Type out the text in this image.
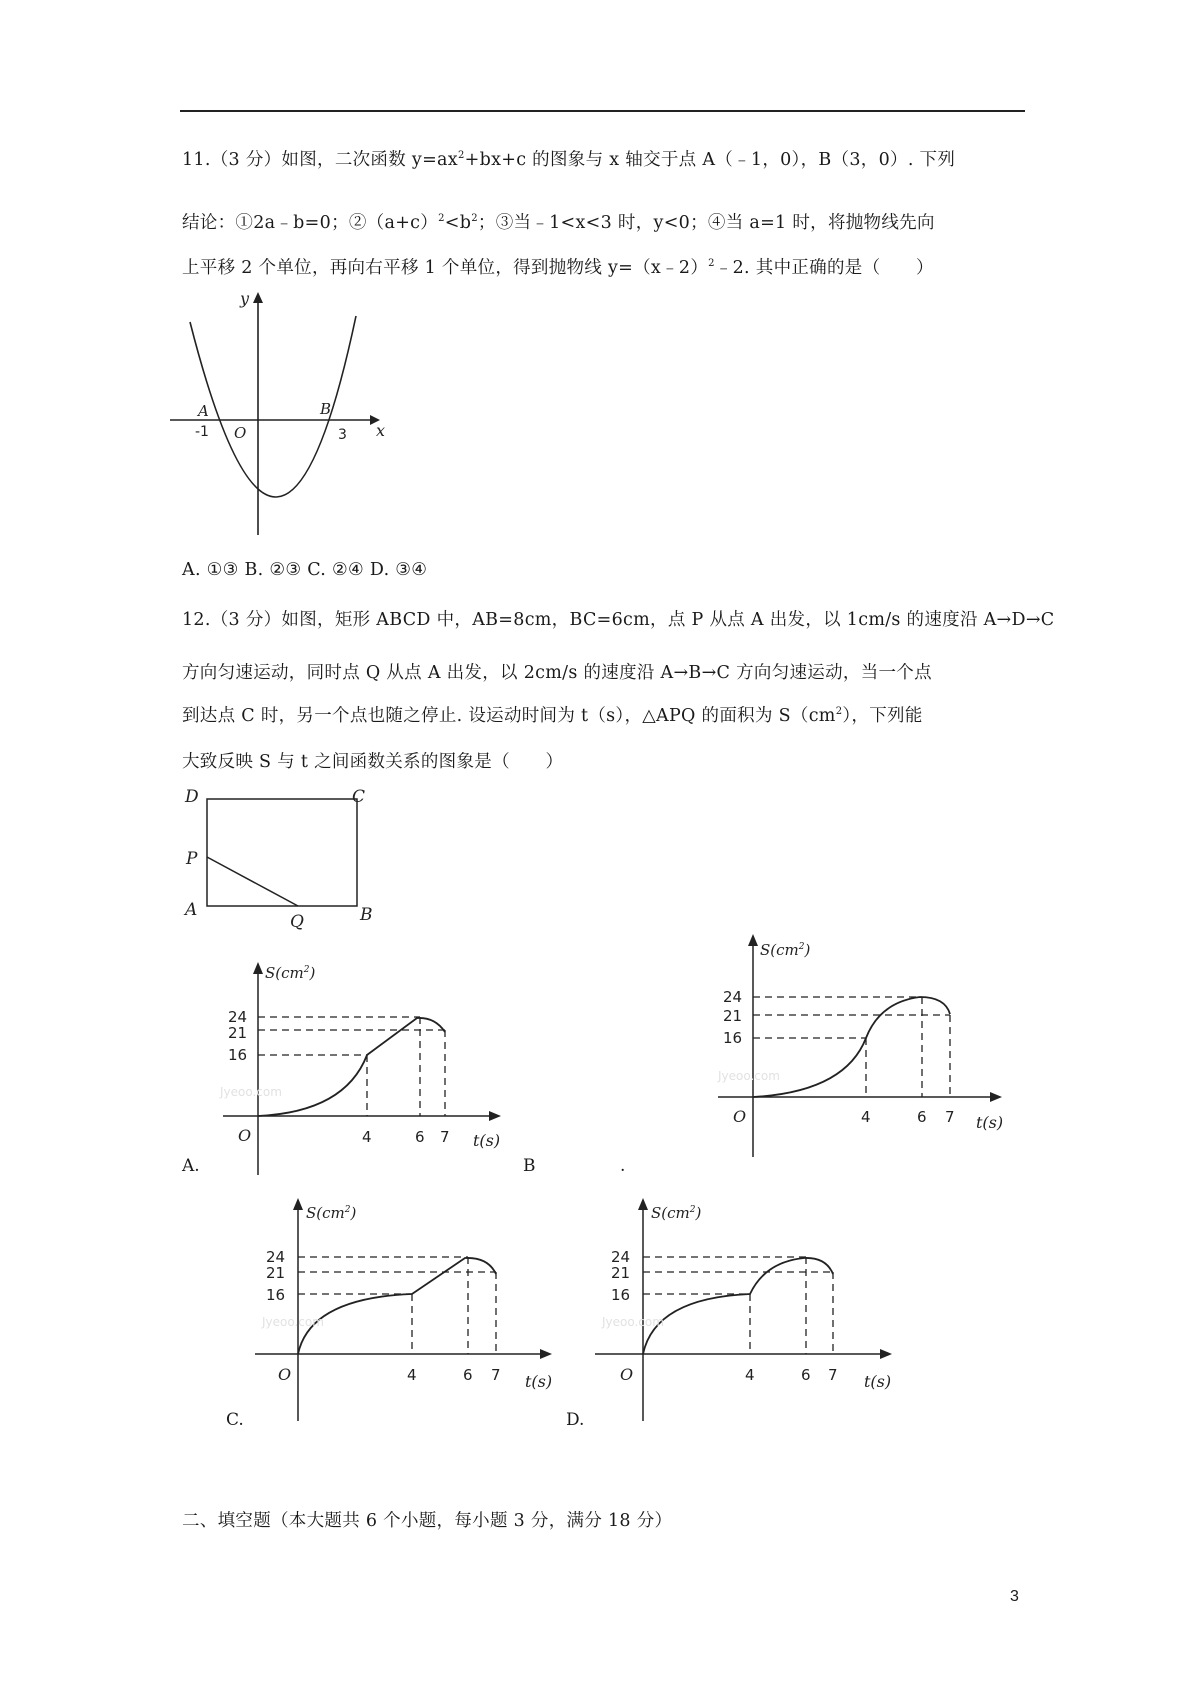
11.（3 分）如图，二次函数 $y=ax^2+bx+c$ 的图象与 x 轴交于点 A（﹣1，0），B（3，0）. 下列
结论：①2a﹣b=0；$②(a+c)^2<b^2$；③当﹣1<x<3 时，y<0；④当 a=1 时，将抛物线先向
上平移 2 个单位，再向右平移 1 个单位，得到抛物线 y=（x﹣2）$^2$﹣2. 其中正确的是（　　）
y
x
A	B
O
-1	3
A. ①③ B. ②③ C. ②④ D. ③④
12.（3 分）如图，矩形 ABCD 中，AB=8cm，BC=6cm，点 P 从点 A 出发，以 1cm/s 的速度沿 A→D→C
方向匀速运动，同时点 Q 从点 A 出发，以 2cm/s 的速度沿 A→B→C 方向匀速运动，当一个点
到达点 C 时，另一个点也随之停止. 设运动时间为 t（s），△APQ 的面积为 $S(cm^2)$，下列能
大致反映 S 与 t 之间函数关系的图象是（　　）
D	C
P
A
Q	B
$S(cm^2)$
t(s)
O
24
21
16
4	6 7
Jyeoo.com
A.
$S(cm^2)$
t(s)
O
24
21
16
4	6 7
Jyeoo.com
B	.
$S(cm^2)$
t(s)
O
24
21
16
4	6 7
Jyeoo.com
C.
$S(cm^2)$
t(s)
O
24
21
16
4	6 7
Jyeoo.com
D.
二、填空题（本大题共 6 个小题，每小题 3 分，满分 18 分）
3
